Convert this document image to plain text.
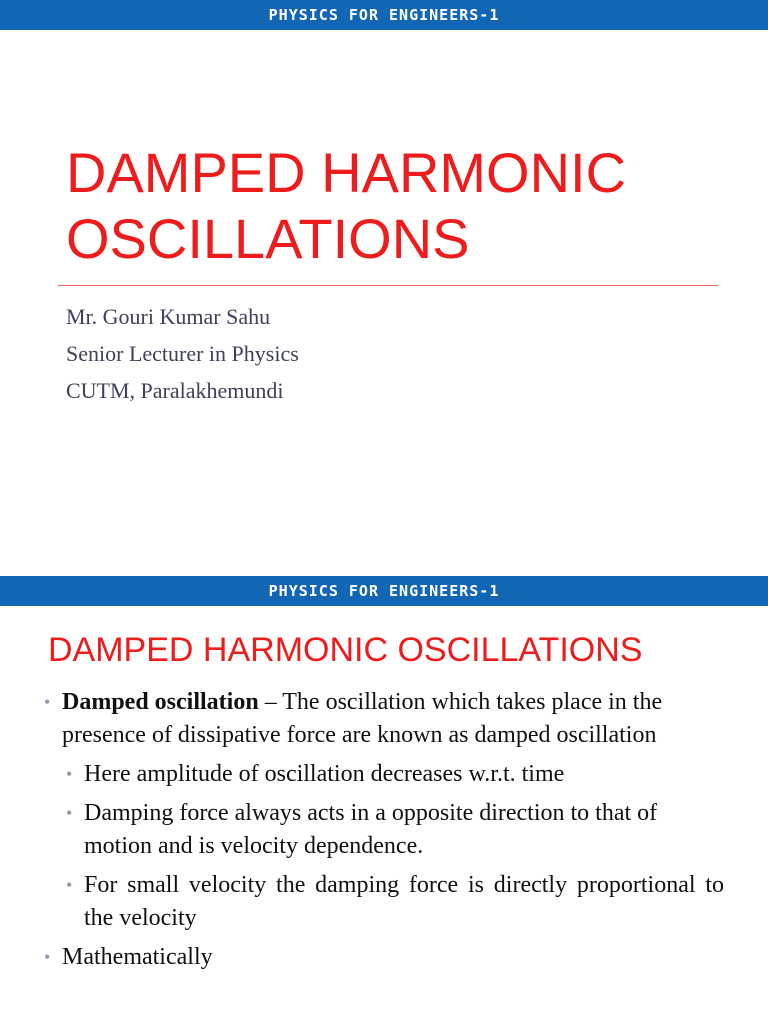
PHYSICS FOR ENGINEERS-1
DAMPED HARMONIC
OSCILLATIONS
Mr. Gouri Kumar Sahu
Senior Lecturer in Physics
CUTM, Paralakhemundi
PHYSICS FOR ENGINEERS-1
DAMPED HARMONIC OSCILLATIONS
• Damped oscillation – The oscillation which takes place in the presence of dissipative force are known as damped oscillation
• Here amplitude of oscillation decreases w.r.t. time
• Damping force always acts in a opposite direction to that of motion and is velocity dependence.
• For small velocity the damping force is directly proportional to the velocity
• Mathematically
